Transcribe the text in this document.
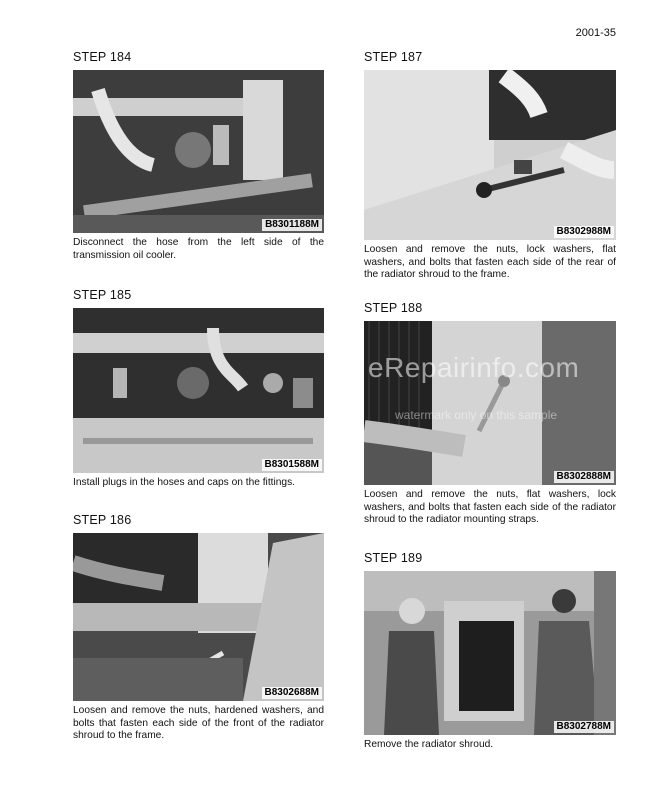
2001-35
STEP 184
B8301188M
Disconnect the hose from the left side of the transmission oil cooler.
STEP 185
B8301588M
Install plugs in the hoses and caps on the fittings.
STEP 186
B8302688M
Loosen and remove the nuts, hardened washers, and bolts that fasten each side of the front of the radiator shroud to the frame.
STEP 187
B8302988M
Loosen and remove the nuts, lock washers, flat washers, and bolts that fasten each side of the rear of the radiator shroud to the frame.
STEP 188
B8302888M
Loosen and remove the nuts, flat washers, lock washers, and bolts that fasten each side of the radiator shroud to the radiator mounting straps.
STEP 189
B8302788M
Remove the radiator shroud.
eRepairinfo.com
watermark only on this sample
